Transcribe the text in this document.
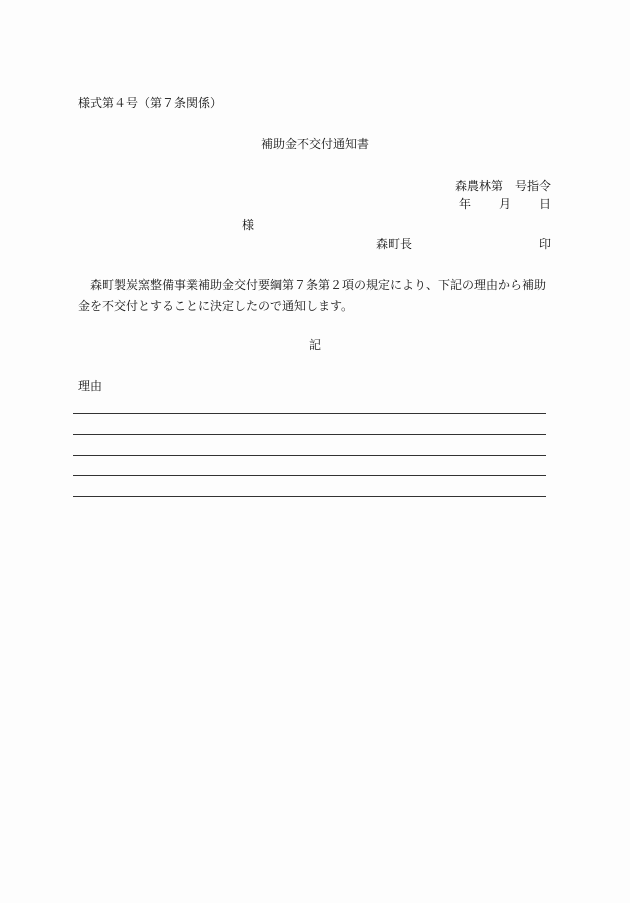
様式第４号（第７条関係）
補助金不交付通知書
森農林第　号指令
年 月 日
様
森町長	印
森町製炭窯整備事業補助金交付要綱第７条第２項の規定により、下記の理由から補助金を不交付とすることに決定したので通知します。
記
理由
